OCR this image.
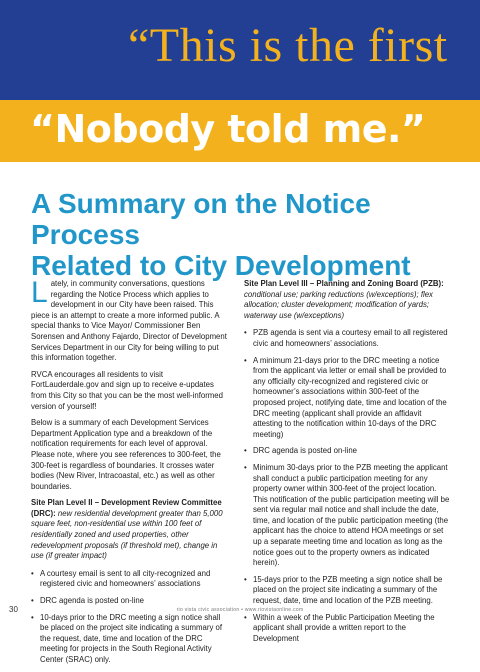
“This is the first
“Nobody told me.”
A Summary on the Notice Process
Related to City Development

Lately, in community conversations, questions regarding the Notice Process which applies to development in our City have been raised. This piece is an attempt to create a more informed public. A special thanks to Vice Mayor/ Commissioner Ben Sorensen and Anthony Fajardo, Director of Development Services Department in our City for being willing to put this information together.

RVCA encourages all residents to visit FortLauderdale.gov and sign up to receive e-updates from this City so that you can be the most well-informed version of yourself!

Below is a summary of each Development Services Department Application type and a breakdown of the notification requirements for each level of approval. Please note, where you see references to 300-feet, the 300-feet is regardless of boundaries. It crosses water bodies (New River, Intracoastal, etc.) as well as other boundaries.

Site Plan Level II – Development Review Committee (DRC): new residential development greater than 5,000 square feet, non-residential use within 100 feet of residentially zoned and used properties, other redevelopment proposals (if threshold met), change in use (if greater impact)
• A courtesy email is sent to all city-recognized and registered civic and homeowners’ associations
• DRC agenda is posted on-line
• 10-days prior to the DRC meeting a sign notice shall be placed on the project site indicating a summary of the request, date, time and location of the DRC meeting for projects in the South Regional Activity Center (SRAC) only.
Site Plan Level III – Planning and Zoning Board (PZB): conditional use; parking reductions (w/exceptions); flex allocation; cluster development; modification of yards; waterway use (w/exceptions)
• PZB agenda is sent via a courtesy email to all registered civic and homeowners’ associations.
• A minimum 21-days prior to the DRC meeting a notice from the applicant via letter or email shall be provided to any officially city-recognized and registered civic or homeowner’s associations within 300-feet of the proposed project, notifying date, time and location of the DRC meeting (applicant shall provide an affidavit attesting to the notification within 10-days of the DRC meeting)
• DRC agenda is posted on-line
• Minimum 30-days prior to the PZB meeting the applicant shall conduct a public participation meeting for any property owner within 300-feet of the project location. This notification of the public participation meeting will be sent via regular mail notice and shall include the date, time, and location of the public participation meeting (the applicant has the choice to attend HOA meetings or set up a separate meeting time and location as long as the notice goes out to the property owners as indicated herein).
• 15-days prior to the PZB meeting a sign notice shall be placed on the project site indicating a summary of the request, date, time and location of the PZB meeting.
• Within a week of the Public Participation Meeting the applicant shall provide a written report to the Development
30	rio vista civic association • www.riovistaonline.com
